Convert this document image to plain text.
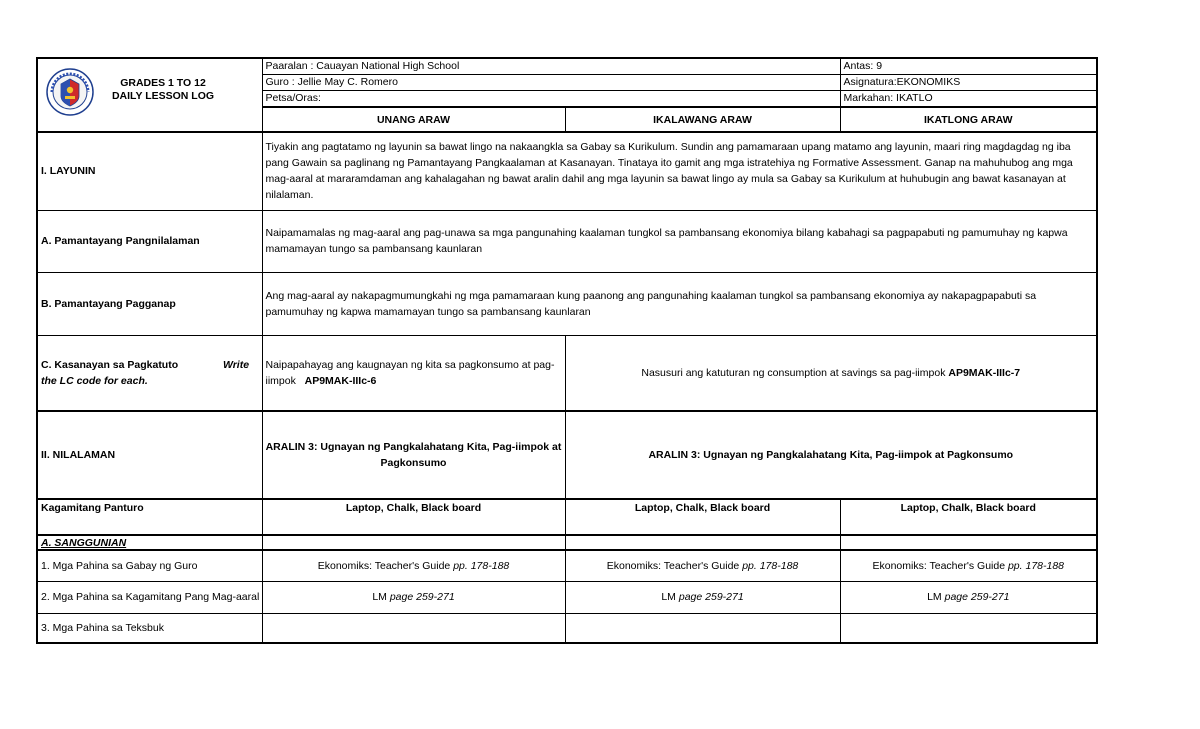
GRADES 1 TO 12
DAILY LESSON LOG	Paaralan : Cauayan National High School		Antas: 9
	Guro : Jellie May C. Romero		Asignatura:EKONOMIKS
	Petsa/Oras:		Markahan: IKATLO
	UNANG ARAW	IKALAWANG ARAW	IKATLONG ARAW
I. LAYUNIN	Tiyakin ang pagtatamo ng layunin sa bawat lingo na nakaangkla sa Gabay sa Kurikulum. Sundin ang pamamaraan upang matamo ang layunin, maari ring magdagdag ng iba pang Gawain sa paglinang ng Pamantayang Pangkaalaman at Kasanayan. Tinataya ito gamit ang mga istratehiya ng Formative Assessment. Ganap na mahuhubog ang mga mag-aaral at mararamdaman ang kahalagahan ng bawat aralin dahil ang mga layunin sa bawat lingo ay mula sa Gabay sa Kurikulum at huhubugin ang bawat kasanayan at nilalaman.		
A. Pamantayang Pangnilalaman	Naipamamalas ng mag-aaral ang pag-unawa sa mga pangunahing kaalaman tungkol sa pambansang ekonomiya bilang kabahagi sa pagpapabuti ng pamumuhay ng kapwa mamamayan tungo sa pambansang kaunlaran		
B. Pamantayang Pagganap	Ang mag-aaral ay nakapagmumungkahi ng mga pamamaraan kung paanong ang pangunahing kaalaman tungkol sa pambansang ekonomiya ay nakapagpapabuti sa pamumuhay ng kapwa mamamayan tungo sa pambansang kaunlaran		

C. Kasanayan sa Pagkatuto Write the LC code for each.	Naipapahayag ang kaugnayan ng kita sa pagkonsumo at pag-iimpok AP9MAK-IIIc-6	Nasusuri ang katuturan ng consumption at savings sa pag-iimpok AP9MAK-IIIc-7	
II. NILALAMAN	ARALIN 3: Ugnayan ng Pangkalahatang Kita, Pag-iimpok at Pagkonsumo	ARALIN 3: Ugnayan ng Pangkalahatang Kita, Pag-iimpok at Pagkonsumo	
Kagamitang Panturo	Laptop, Chalk, Black board	Laptop, Chalk, Black board	Laptop, Chalk, Black board
A. SANGGUNIAN			
1. Mga Pahina sa Gabay ng Guro	Ekonomiks: Teacher's Guide pp. 178-188	Ekonomiks: Teacher's Guide pp. 178-188	Ekonomiks: Teacher's Guide pp. 178-188
2. Mga Pahina sa Kagamitang Pang Mag-aaral	LM page 259-271	LM page 259-271	LM page 259-271
3. Mga Pahina sa Teksbuk			
